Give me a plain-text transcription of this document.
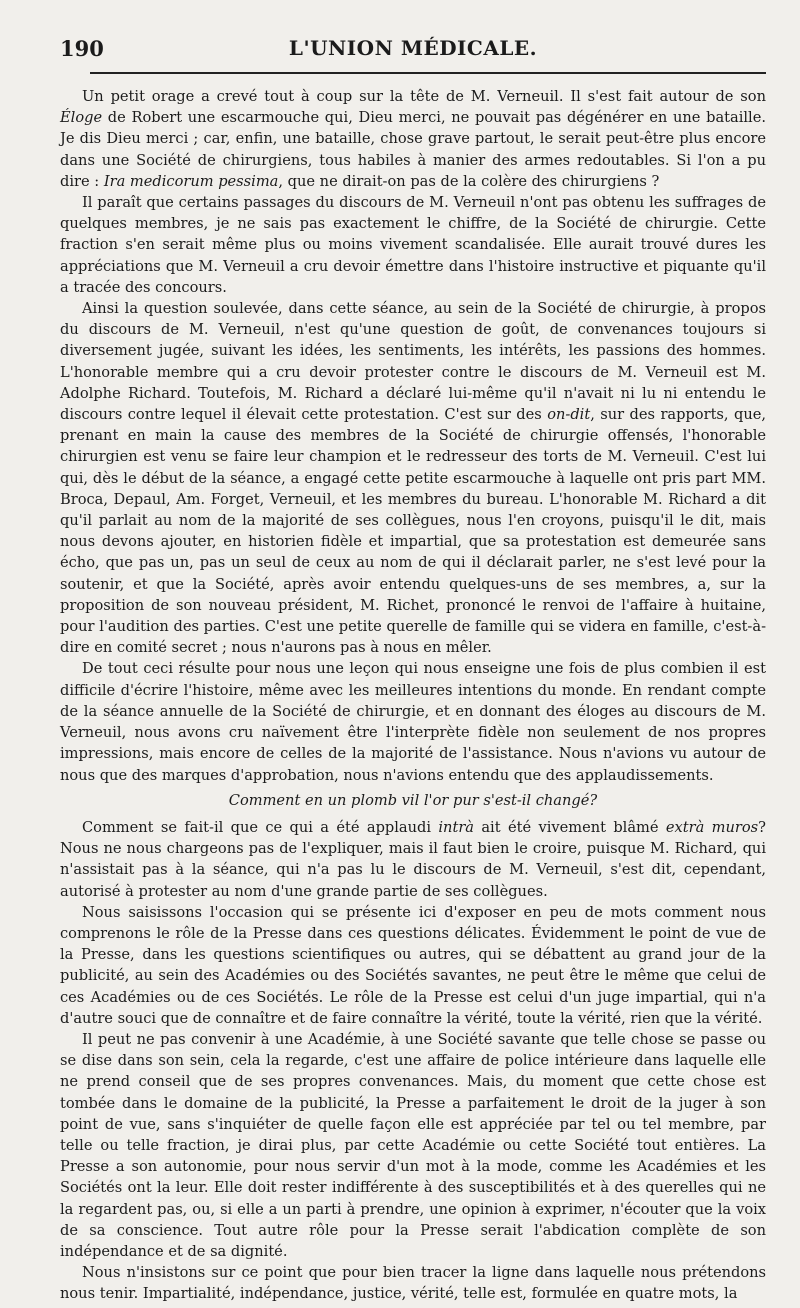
190	L'UNION MÉDICALE.

Un petit orage a crevé tout à coup sur la tête de M. Verneuil. Il s'est fait autour de son Éloge de Robert une escarmouche qui, Dieu merci, ne pouvait pas dégénérer en une bataille. Je dis Dieu merci ; car, enfin, une bataille, chose grave partout, le serait peut-être plus encore dans une Société de chirurgiens, tous habiles à manier des armes redoutables. Si l'on a pu dire : Ira medicorum pessima, que ne dirait-on pas de la colère des chirurgiens ?

Il paraît que certains passages du discours de M. Verneuil n'ont pas obtenu les suffrages de quelques membres, je ne sais pas exactement le chiffre, de la Société de chirurgie. Cette fraction s'en serait même plus ou moins vivement scandalisée. Elle aurait trouvé dures les appréciations que M. Verneuil a cru devoir émettre dans l'histoire instructive et piquante qu'il a tracée des concours.

Ainsi la question soulevée, dans cette séance, au sein de la Société de chirurgie, à propos du discours de M. Verneuil, n'est qu'une question de goût, de convenances toujours si diversement jugée, suivant les idées, les sentiments, les intérêts, les passions des hommes. L'honorable membre qui a cru devoir protester contre le discours de M. Verneuil est M. Adolphe Richard. Toutefois, M. Richard a déclaré lui-même qu'il n'avait ni lu ni entendu le discours contre lequel il élevait cette protestation. C'est sur des on-dit, sur des rapports, que, prenant en main la cause des membres de la Société de chirurgie offensés, l'honorable chirurgien est venu se faire leur champion et le redresseur des torts de M. Verneuil. C'est lui qui, dès le début de la séance, a engagé cette petite escarmouche à laquelle ont pris part MM. Broca, Depaul, Am. Forget, Verneuil, et les membres du bureau. L'honorable M. Richard a dit qu'il parlait au nom de la majorité de ses collègues, nous l'en croyons, puisqu'il le dit, mais nous devons ajouter, en historien fidèle et impartial, que sa protestation est demeurée sans écho, que pas un, pas un seul de ceux au nom de qui il déclarait parler, ne s'est levé pour la soutenir, et que la Société, après avoir entendu quelques-uns de ses membres, a, sur la proposition de son nouveau président, M. Richet, prononcé le renvoi de l'affaire à huitaine, pour l'audition des parties. C'est une petite querelle de famille qui se videra en famille, c'est-à-dire en comité secret ; nous n'aurons pas à nous en mêler.

De tout ceci résulte pour nous une leçon qui nous enseigne une fois de plus combien il est difficile d'écrire l'histoire, même avec les meilleures intentions du monde. En rendant compte de la séance annuelle de la Société de chirurgie, et en donnant des éloges au discours de M. Verneuil, nous avons cru naïvement être l'interprète fidèle non seulement de nos propres impressions, mais encore de celles de la majorité de l'assistance. Nous n'avions vu autour de nous que des marques d'approbation, nous n'avions entendu que des applaudissements.

Comment en un plomb vil l'or pur s'est-il changé?

Comment se fait-il que ce qui a été applaudi intrà ait été vivement blâmé extrà muros? Nous ne nous chargeons pas de l'expliquer, mais il faut bien le croire, puisque M. Richard, qui n'assistait pas à la séance, qui n'a pas lu le discours de M. Verneuil, s'est dit, cependant, autorisé à protester au nom d'une grande partie de ses collègues.

Nous saisissons l'occasion qui se présente ici d'exposer en peu de mots comment nous comprenons le rôle de la Presse dans ces questions délicates. Évidemment le point de vue de la Presse, dans les questions scientifiques ou autres, qui se débattent au grand jour de la publicité, au sein des Académies ou des Sociétés savantes, ne peut être le même que celui de ces Académies ou de ces Sociétés. Le rôle de la Presse est celui d'un juge impartial, qui n'a d'autre souci que de connaître et de faire connaître la vérité, toute la vérité, rien que la vérité.

Il peut ne pas convenir à une Académie, à une Société savante que telle chose se passe ou se dise dans son sein, cela la regarde, c'est une affaire de police intérieure dans laquelle elle ne prend conseil que de ses propres convenances. Mais, du moment que cette chose est tombée dans le domaine de la publicité, la Presse a parfaitement le droit de la juger à son point de vue, sans s'inquiéter de quelle façon elle est appréciée par tel ou tel membre, par telle ou telle fraction, je dirai plus, par cette Académie ou cette Société tout entières. La Presse a son autonomie, pour nous servir d'un mot à la mode, comme les Académies et les Sociétés ont la leur. Elle doit rester indifférente à des susceptibilités et à des querelles qui ne la regardent pas, ou, si elle a un parti à prendre, une opinion à exprimer, n'écouter que la voix de sa conscience. Tout autre rôle pour la Presse serait l'abdication complète de son indépendance et de sa dignité.

Nous n'insistons sur ce point que pour bien tracer la ligne dans laquelle nous prétendons nous tenir. Impartialité, indépendance, justice, vérité, telle est, formulée en quatre mots, la
